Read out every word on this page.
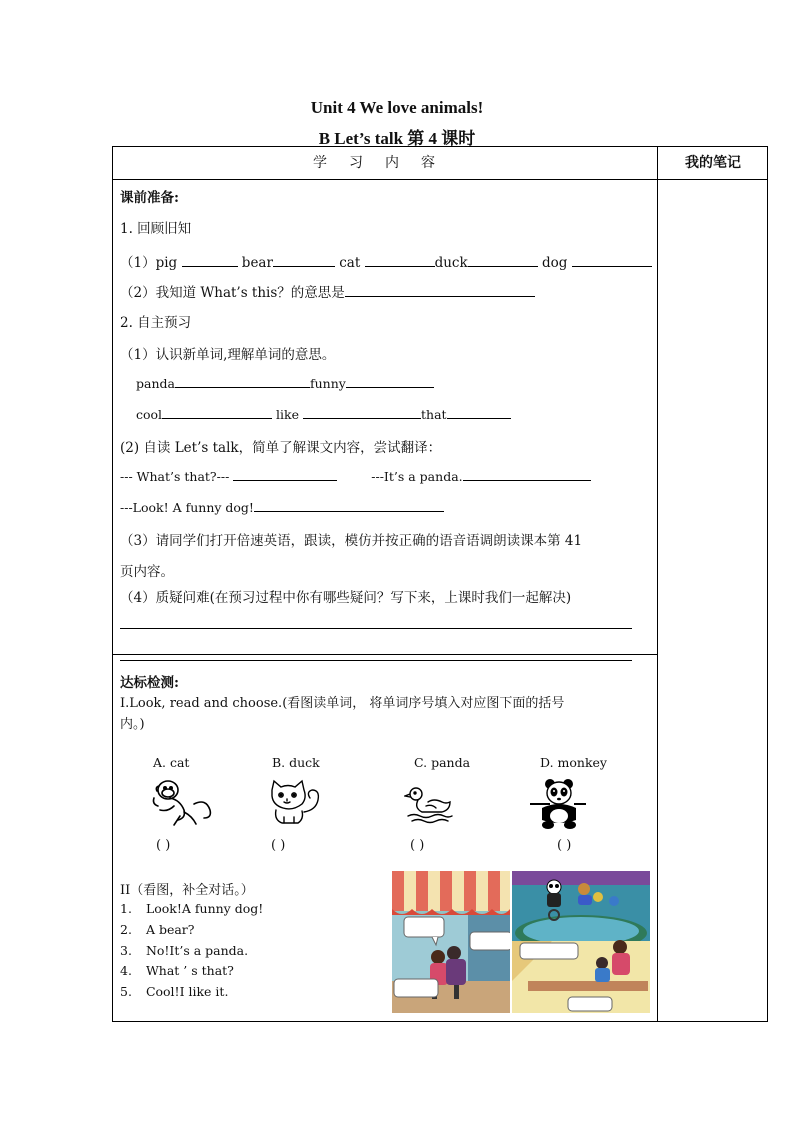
Unit 4 We love animals!
B Let’s talk 第 4 课时
学习内容	我的笔记
课前准备:
1. 回顾旧知
（1）pig	bear	cat	duck	dog
（2）我知道 What’s this？的意思是
2. 自主预习
（1）认识新单词,理解单词的意思。
panda	funny
cool	like	that
(2) 自读 Let’s talk，简单了解课文内容，尝试翻译：
--- What’s that?---	---It’s a panda.
---Look! A funny dog!
（3）请同学们打开倍速英语，跟读，模仿并按正确的语音语调朗读课本第 41
页内容。
（4）质疑问难(在预习过程中你有哪些疑问？写下来，上课时我们一起解决)
达标检测:
I.Look, read and choose.(看图读单词， 将单词序号填入对应图下面的括号
内。)
A. cat	B. duck	C. panda	D. monkey
( )	( )	( )	( )
II（看图，补全对话。）
1. Look!A funny dog!
2. A bear?
3. No!It’s a panda.
4. What ’ s that?
5. Cool!I like it.
